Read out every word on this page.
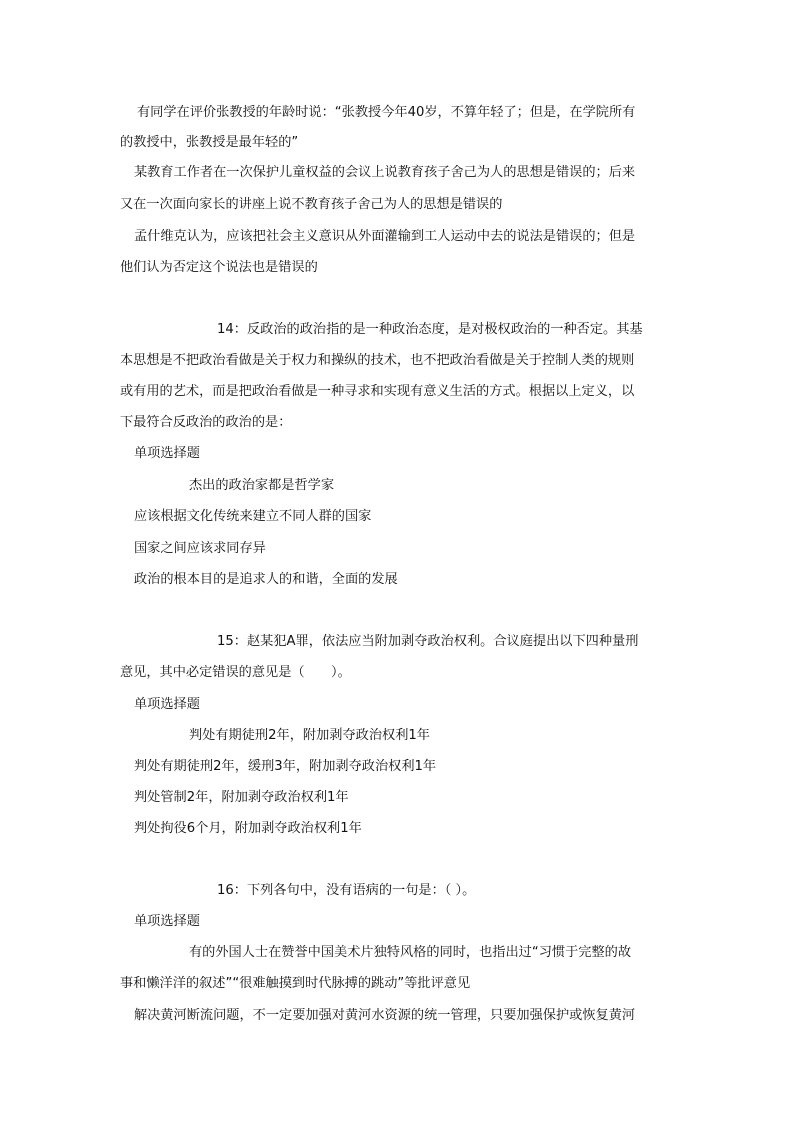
有同学在评价张教授的年龄时说：“张教授今年40岁，不算年轻了；但是，在学院所有
的教授中，张教授是最年轻的”
某教育工作者在一次保护儿童权益的会议上说教育孩子舍己为人的思想是错误的；后来
又在一次面向家长的讲座上说不教育孩子舍己为人的思想是错误的
孟什维克认为，应该把社会主义意识从外面灌输到工人运动中去的说法是错误的；但是
他们认为否定这个说法也是错误的
14：反政治的政治指的是一种政治态度，是对极权政治的一种否定。其基
本思想是不把政治看做是关于权力和操纵的技术，也不把政治看做是关于控制人类的规则
或有用的艺术，而是把政治看做是一种寻求和实现有意义生活的方式。根据以上定义，以
下最符合反政治的政治的是：
单项选择题
杰出的政治家都是哲学家
应该根据文化传统来建立不同人群的国家
国家之间应该求同存异
政治的根本目的是追求人的和谐，全面的发展
15：赵某犯A罪，依法应当附加剥夺政治权利。合议庭提出以下四种量刑
意见，其中必定错误的意见是（　　）。
单项选择题
判处有期徒刑2年，附加剥夺政治权利1年
判处有期徒刑2年，缓刑3年，附加剥夺政治权利1年
判处管制2年，附加剥夺政治权利1年
判处拘役6个月，附加剥夺政治权利1年
16：下列各句中，没有语病的一句是：（ ）。
单项选择题
有的外国人士在赞誉中国美术片独特风格的同时，也指出过“习惯于完整的故
事和懒洋洋的叙述”“很难触摸到时代脉搏的跳动”等批评意见
解决黄河断流问题，不一定要加强对黄河水资源的统一管理，只要加强保护或恢复黄河
